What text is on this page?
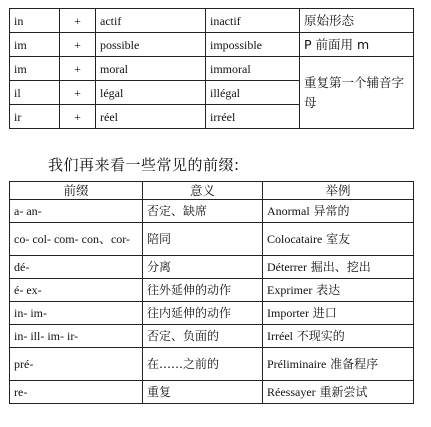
in	+	actif	inactif	原始形态
im	+	possible	impossible	P 前面用 m
im	+	moral	immoral	重复第一个辅音字母
il	+	légal	illégal	
ir	+	réel	irréel	
我们再来看一些常见的前缀:
前缀	意义	举例
a- an-	否定、缺席	Anormal 异常的
co- col- com- con、cor-	陪同	Colocataire 室友
dé-	分离	Déterrer 掘出、挖出
é- ex-	往外延伸的动作	Exprimer 表达
in- im-	往内延伸的动作	Importer 进口
in- ill- im- ir-	否定、负面的	Irréel 不现实的
pré-	在……之前的	Préliminaire 准备程序
re-	重复	Réessayer 重新尝试
